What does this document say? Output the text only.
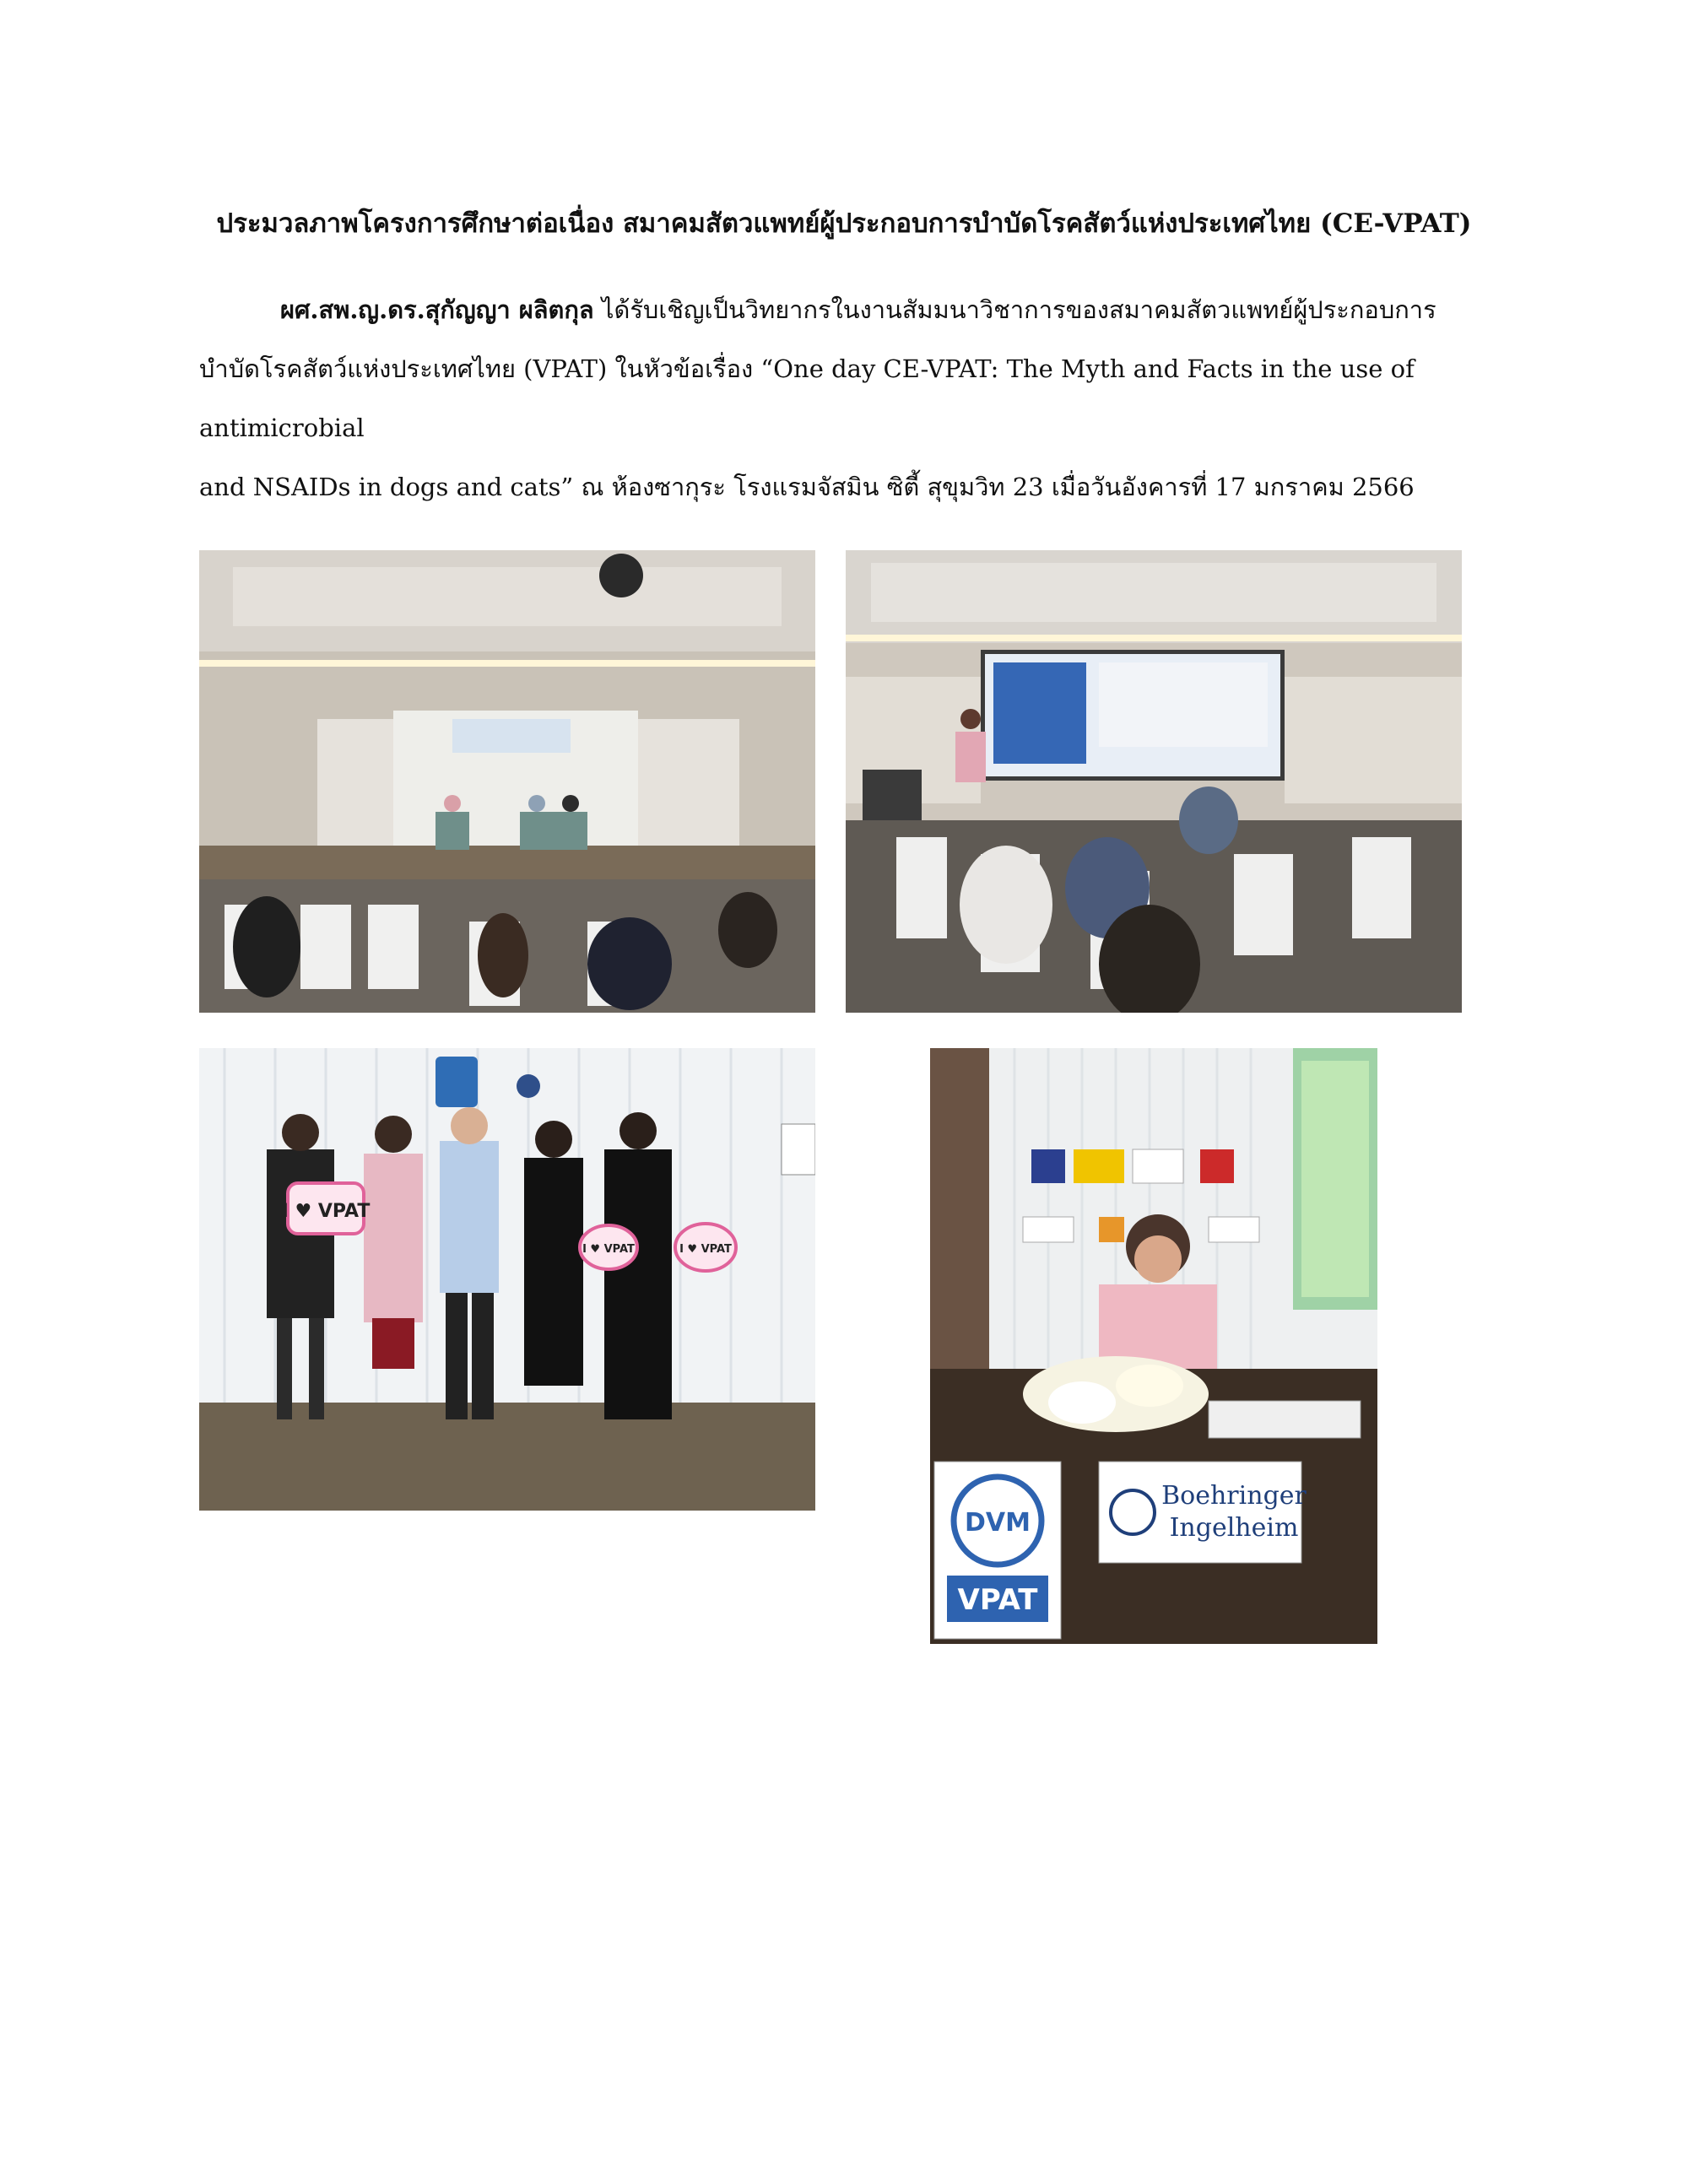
ประมวลภาพโครงการศึกษาต่อเนื่อง สมาคมสัตวแพทย์ผู้ประกอบการบำบัดโรคสัตว์แห่งประเทศไทย (CE-VPAT)
ผศ.สพ.ญ.ดร.สุกัญญา ผลิตกุล ได้รับเชิญเป็นวิทยากรในงานสัมมนาวิชาการของสมาคมสัตวแพทย์ผู้ประกอบการ
บำบัดโรคสัตว์แห่งประเทศไทย (VPAT) ในหัวข้อเรื่อง “One day CE-VPAT: The Myth and Facts in the use of antimicrobial
and NSAIDs in dogs and cats” ณ ห้องซากุระ โรงแรมจัสมิน ซิตี้ สุขุมวิท 23 เมื่อวันอังคารที่ 17 มกราคม 2566
I ♥ VPAT
I ♥ VPAT	I ♥ VPAT
DVM
VPAT
Boehringer
Ingelheim
